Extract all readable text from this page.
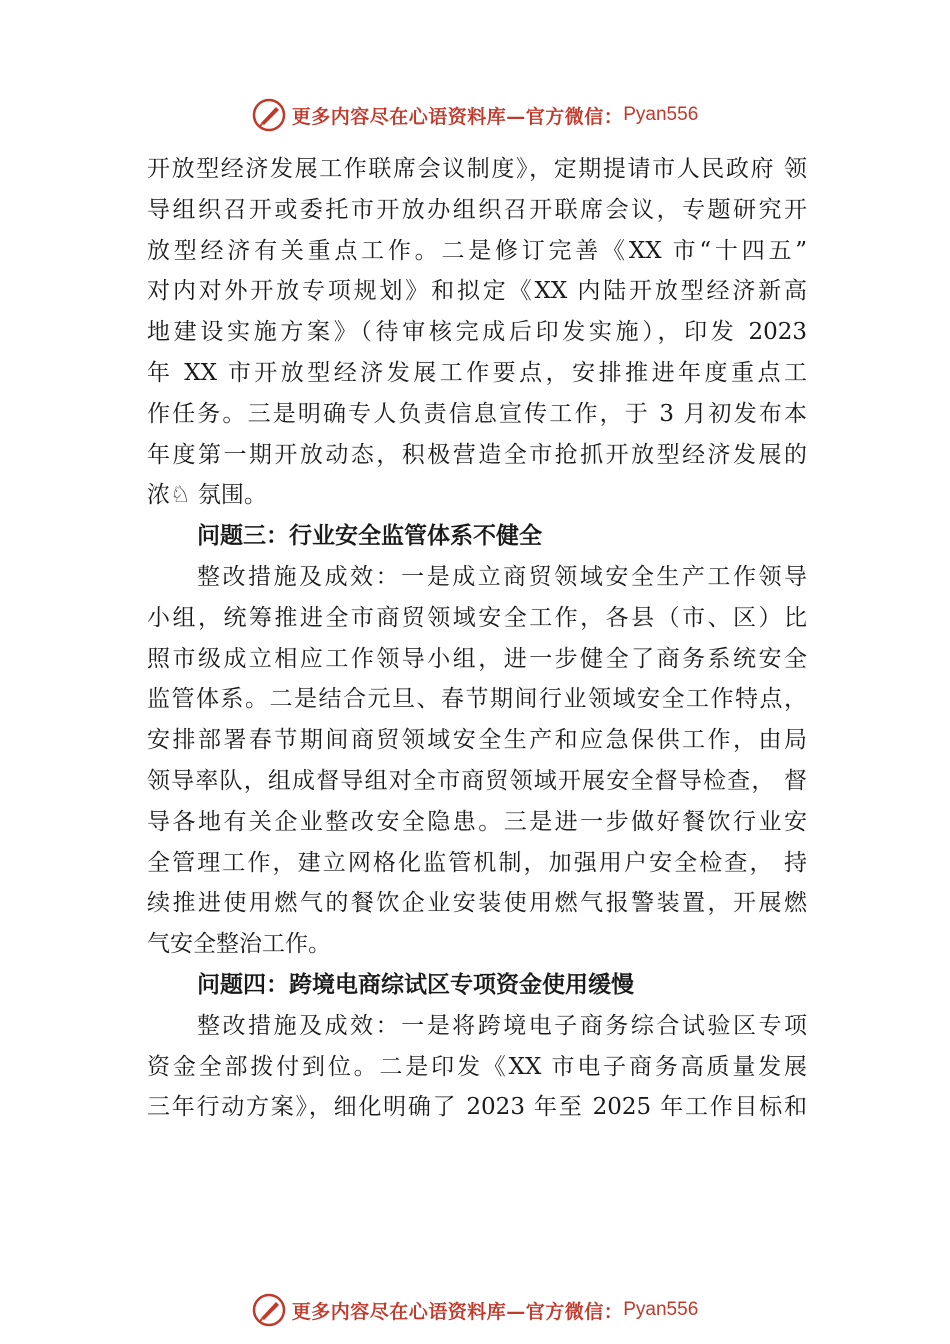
更多内容尽在心语资料库—官方微信： Pyan556
开放型经济发展工作联席会议制度》，定期提请市人民政府 领
导组织召开或委托市开放办组织召开联席会议，专题研究开
放型经济有关重点工作。二是修订完善《XX 市“十四五”
对内对外开放专项规划》和拟定《XX 内陆开放型经济新高
地建设实施方案》（待审核完成后印发实施），印发 2023
年 XX 市开放型经济发展工作要点，安排推进年度重点工
作任务。三是明确专人负责信息宣传工作，于 3 月初发布本
年度第一期开放动态，积极营造全市抢抓开放型经济发展的
浓♘ 氛围。
问题三：行业安全监管体系不健全
整改措施及成效：一是成立商贸领域安全生产工作领导
小组，统筹推进全市商贸领域安全工作，各县（市、区）比
照市级成立相应工作领导小组，进一步健全了商务系统安全
监管体系。二是结合元旦、春节期间行业领域安全工作特点，
安排部署春节期间商贸领域安全生产和应急保供工作，由局
领导率队，组成督导组对全市商贸领域开展安全督导检查， 督
导各地有关企业整改安全隐患。三是进一步做好餐饮行业安
全管理工作，建立网格化监管机制，加强用户安全检查， 持
续推进使用燃气的餐饮企业安装使用燃气报警装置，开展燃
气安全整治工作。
问题四：跨境电商综试区专项资金使用缓慢
整改措施及成效：一是将跨境电子商务综合试验区专项
资金全部拨付到位。二是印发《XX 市电子商务高质量发展
三年行动方案》，细化明确了 2023 年至 2025 年工作目标和
更多内容尽在心语资料库—官方微信： Pyan556
